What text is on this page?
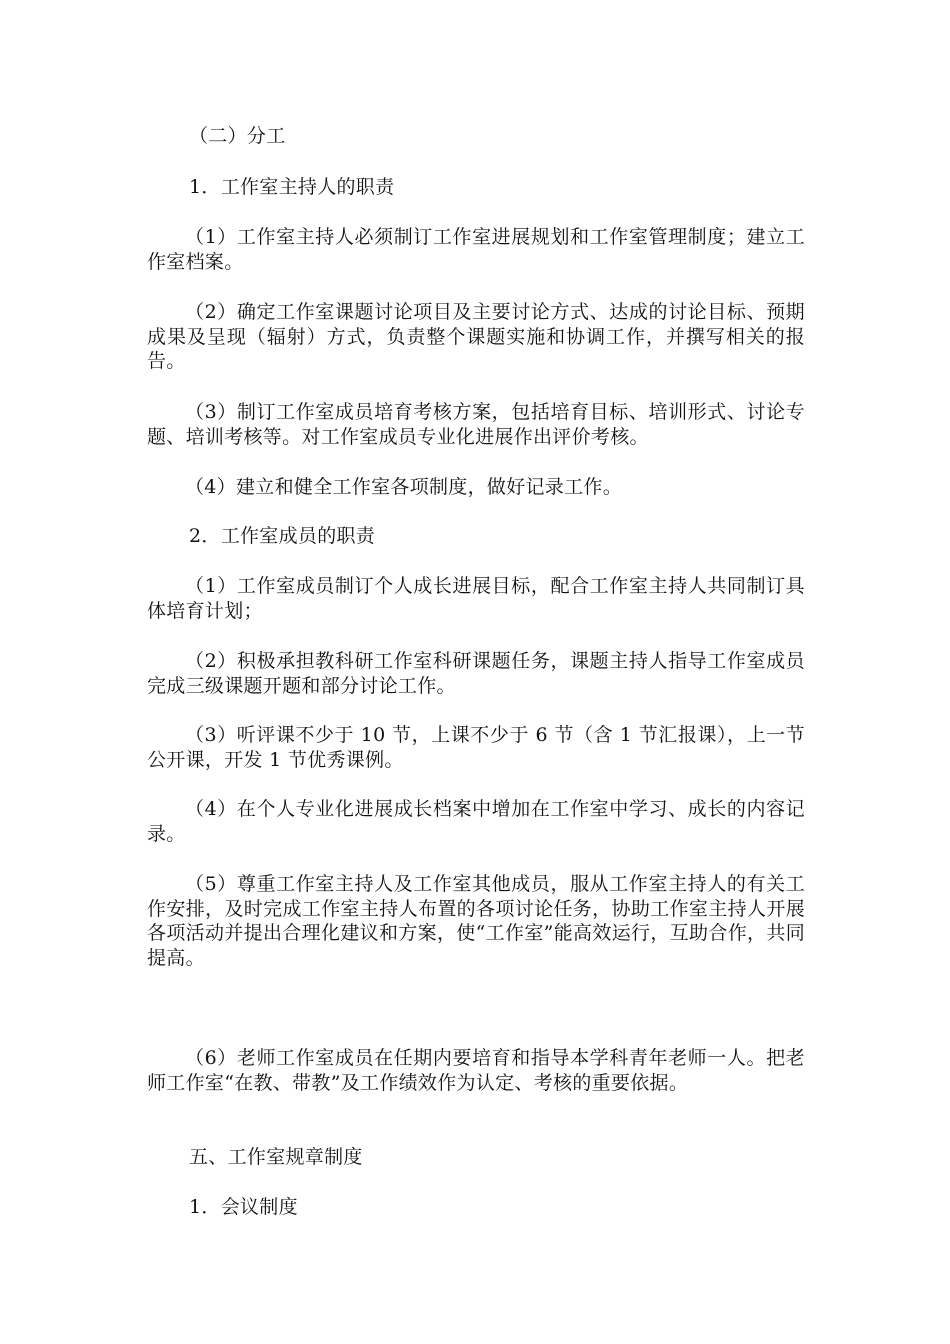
（二）分工
1．工作室主持人的职责
（1）工作室主持人必须制订工作室进展规划和工作室管理制度；建立工作室档案。
（2）确定工作室课题讨论项目及主要讨论方式、达成的讨论目标、预期成果及呈现（辐射）方式，负责整个课题实施和协调工作，并撰写相关的报告。
（3）制订工作室成员培育考核方案，包括培育目标、培训形式、讨论专题、培训考核等。对工作室成员专业化进展作出评价考核。
（4）建立和健全工作室各项制度，做好记录工作。
2．工作室成员的职责
（1）工作室成员制订个人成长进展目标，配合工作室主持人共同制订具体培育计划；
（2）积极承担教科研工作室科研课题任务，课题主持人指导工作室成员完成三级课题开题和部分讨论工作。
（3）听评课不少于 10 节，上课不少于 6 节（含 1 节汇报课），上一节公开课，开发 1 节优秀课例。
（4）在个人专业化进展成长档案中增加在工作室中学习、成长的内容记录。
（5）尊重工作室主持人及工作室其他成员，服从工作室主持人的有关工作安排，及时完成工作室主持人布置的各项讨论任务，协助工作室主持人开展各项活动并提出合理化建议和方案，使“工作室”能高效运行，互助合作，共同提高。
（6）老师工作室成员在任期内要培育和指导本学科青年老师一人。把老师工作室“在教、带教”及工作绩效作为认定、考核的重要依据。
五、工作室规章制度
1．会议制度
